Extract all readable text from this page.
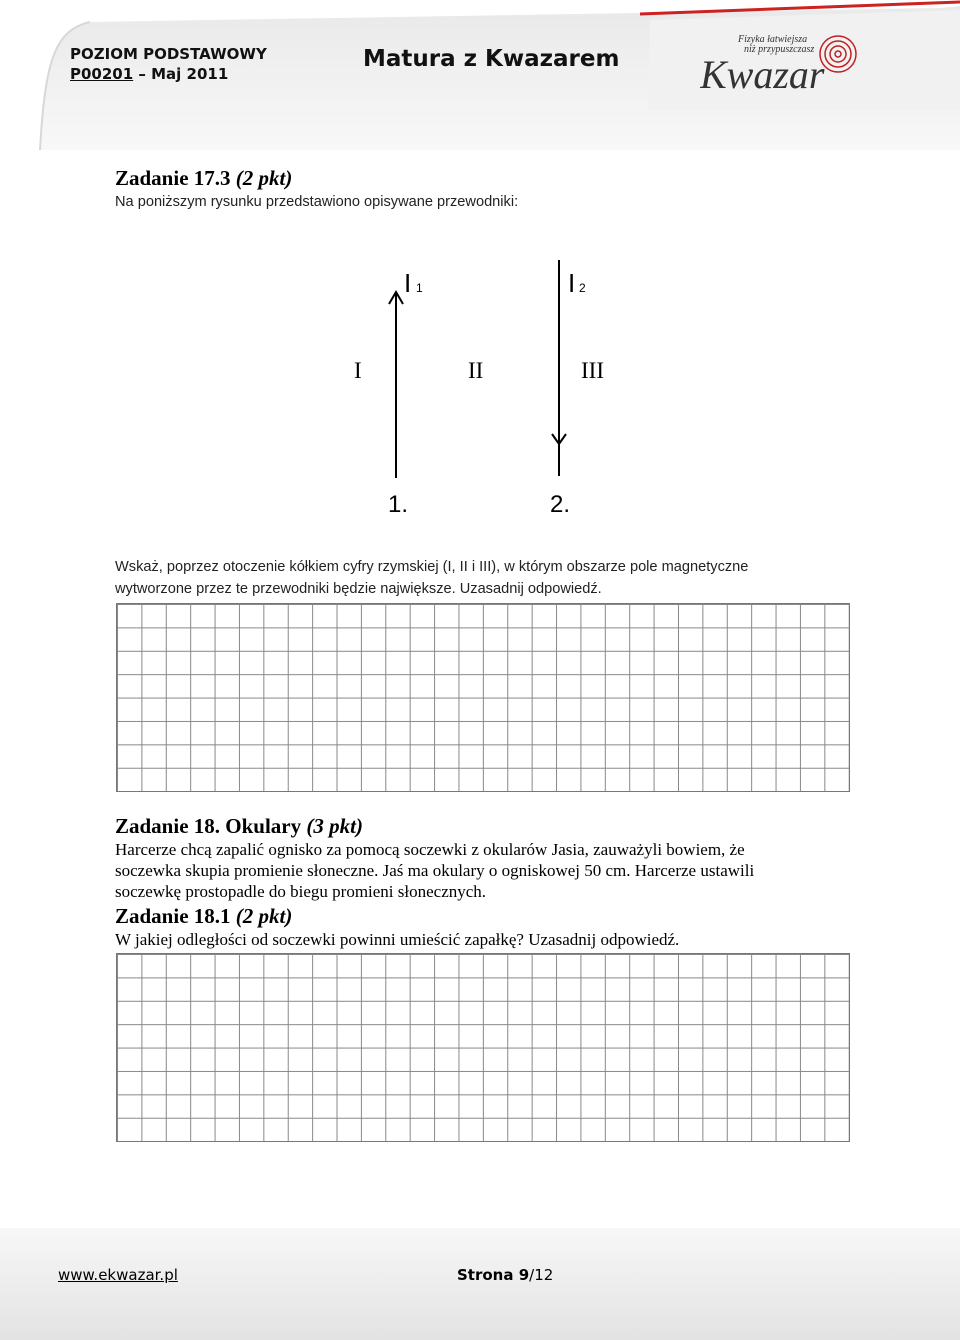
POZIOM PODSTAWOWY
P00201 – Maj 2011
Matura z Kwazarem
Fizyka łatwiejsza
niż przypuszczasz
Kwazar
Zadanie 17.3 (2 pkt)
Na poniższym rysunku przedstawiono opisywane przewodniki:
I 1	I 2
I	II	III
1.	2.
Wskaż, poprzez otoczenie kółkiem cyfry rzymskiej (I, II i III), w którym obszarze pole magnetyczne
wytworzone przez te przewodniki będzie największe. Uzasadnij odpowiedź.
Zadanie 18. Okulary (3 pkt)
Harcerze chcą zapalić ognisko za pomocą soczewki z okularów Jasia, zauważyli bowiem, że
soczewka skupia promienie słoneczne. Jaś ma okulary o ogniskowej 50 cm. Harcerze ustawili
soczewkę prostopadle do biegu promieni słonecznych.
Zadanie 18.1 (2 pkt)
W jakiej odległości od soczewki powinni umieścić zapałkę? Uzasadnij odpowiedź.
www.ekwazar.pl	Strona 9/12
